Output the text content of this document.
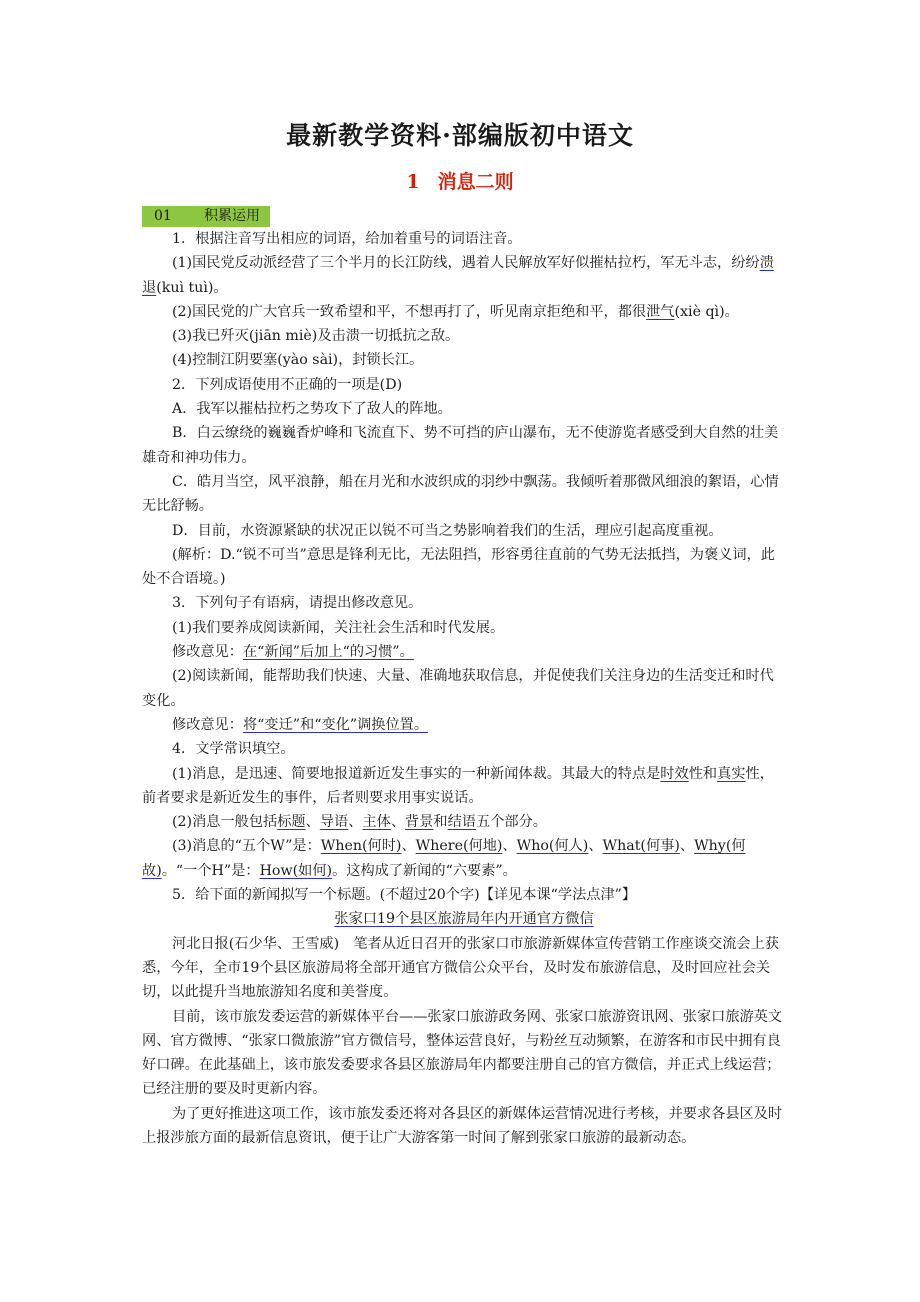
最新教学资料·部编版初中语文
1 消息二则
01 积累运用

1．根据注音写出相应的词语，给加着重号的词语注音。

(1)国民党反动派经营了三个半月的长江防线，遇着人民解放军好似摧枯拉朽，军无斗志，纷纷溃退(kuì tuì)。

(2)国民党的广大官兵一致希望和平，不想再打了，听见南京拒绝和平，都很泄气(xiè qì)。

(3)我已歼灭(jiān miè)及击溃一切抵抗之敌。

(4)控制江阴要塞(yào sài)，封锁长江。

2．下列成语使用不正确的一项是(D)

A．我军以摧枯拉朽之势攻下了敌人的阵地。

B．白云缭绕的巍巍香炉峰和飞流直下、势不可挡的庐山瀑布，无不使游览者感受到大自然的壮美雄奇和神功伟力。

C．皓月当空，风平浪静，船在月光和水波织成的羽纱中飘荡。我倾听着那微风细浪的絮语，心情无比舒畅。

D．目前，水资源紧缺的状况正以锐不可当之势影响着我们的生活，理应引起高度重视。

(解析：D.“锐不可当”意思是锋利无比，无法阻挡，形容勇往直前的气势无法抵挡，为褒义词，此处不合语境。)

3．下列句子有语病，请提出修改意见。

(1)我们要养成阅读新闻，关注社会生活和时代发展。

修改意见：在“新闻”后加上“的习惯”。

(2)阅读新闻，能帮助我们快速、大量、准确地获取信息，并促使我们关注身边的生活变迁和时代变化。

修改意见：将“变迁”和“变化”调换位置。

4．文学常识填空。

(1)消息，是迅速、简要地报道新近发生事实的一种新闻体裁。其最大的特点是时效性和真实性，前者要求是新近发生的事件，后者则要求用事实说话。

(2)消息一般包括标题、导语、主体、背景和结语五个部分。

(3)消息的“五个W”是：When(何时)、Where(何地)、Who(何人)、What(何事)、Why(何故)。“一个H”是：How(如何)。这构成了新闻的“六要素”。

5．给下面的新闻拟写一个标题。(不超过20个字)【详见本课“学法点津”】

张家口19个县区旅游局年内开通官方微信

河北日报(石少华、王雪威)　笔者从近日召开的张家口市旅游新媒体宣传营销工作座谈交流会上获悉，今年，全市19个县区旅游局将全部开通官方微信公众平台，及时发布旅游信息，及时回应社会关切，以此提升当地旅游知名度和美誉度。

目前，该市旅发委运营的新媒体平台——张家口旅游政务网、张家口旅游资讯网、张家口旅游英文网、官方微博、“张家口微旅游”官方微信号，整体运营良好，与粉丝互动频繁，在游客和市民中拥有良好口碑。在此基础上，该市旅发委要求各县区旅游局年内都要注册自己的官方微信，并正式上线运营；已经注册的要及时更新内容。

为了更好推进这项工作，该市旅发委还将对各县区的新媒体运营情况进行考核，并要求各县区及时上报涉旅方面的最新信息资讯，便于让广大游客第一时间了解到张家口旅游的最新动态。
